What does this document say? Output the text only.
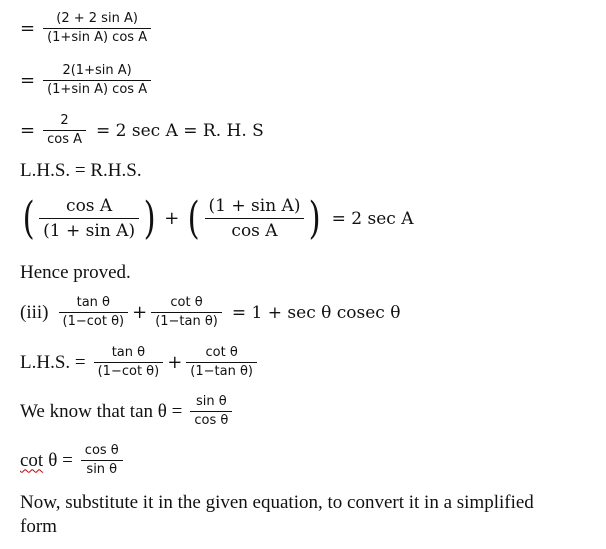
= $\frac{\text{(2 + 2 sin A)}}{\text{(1+sin A) cos A}}$
= $\frac{\text{2(1+sin A)}}{\text{(1+sin A) cos A}}$
= $\frac{2}{\text{cos A}} = 2$ sec A = R. H. S
L.H.S. = R.H.S.
( $\frac{\text{cos A}}{\text{(1 + sin A)}}$ ) + ( $\frac{\text{(1 + sin A)}}{\text{cos A}}$ ) = 2 sec A
Hence proved.
$(iii) \frac{\text{tan θ}}{\text{(1−cot θ)}} + \frac{\text{cot θ}}{\text{(1−tan θ)}} = 1 + \sec \theta$ cosec θ
L.H.S. = $\frac{\text{tan θ}}{\text{(1−cot θ)}} + \frac{\text{cot θ}}{\text{(1−tan θ)}}$
We know that $\tan \theta = \frac{\text{sin θ}}{\text{cos θ}}$
$\cot \theta = \frac{\text{cos θ}}{\text{sin θ}}$
Now, substitute it in the given equation, to convert it in a simplified
form
